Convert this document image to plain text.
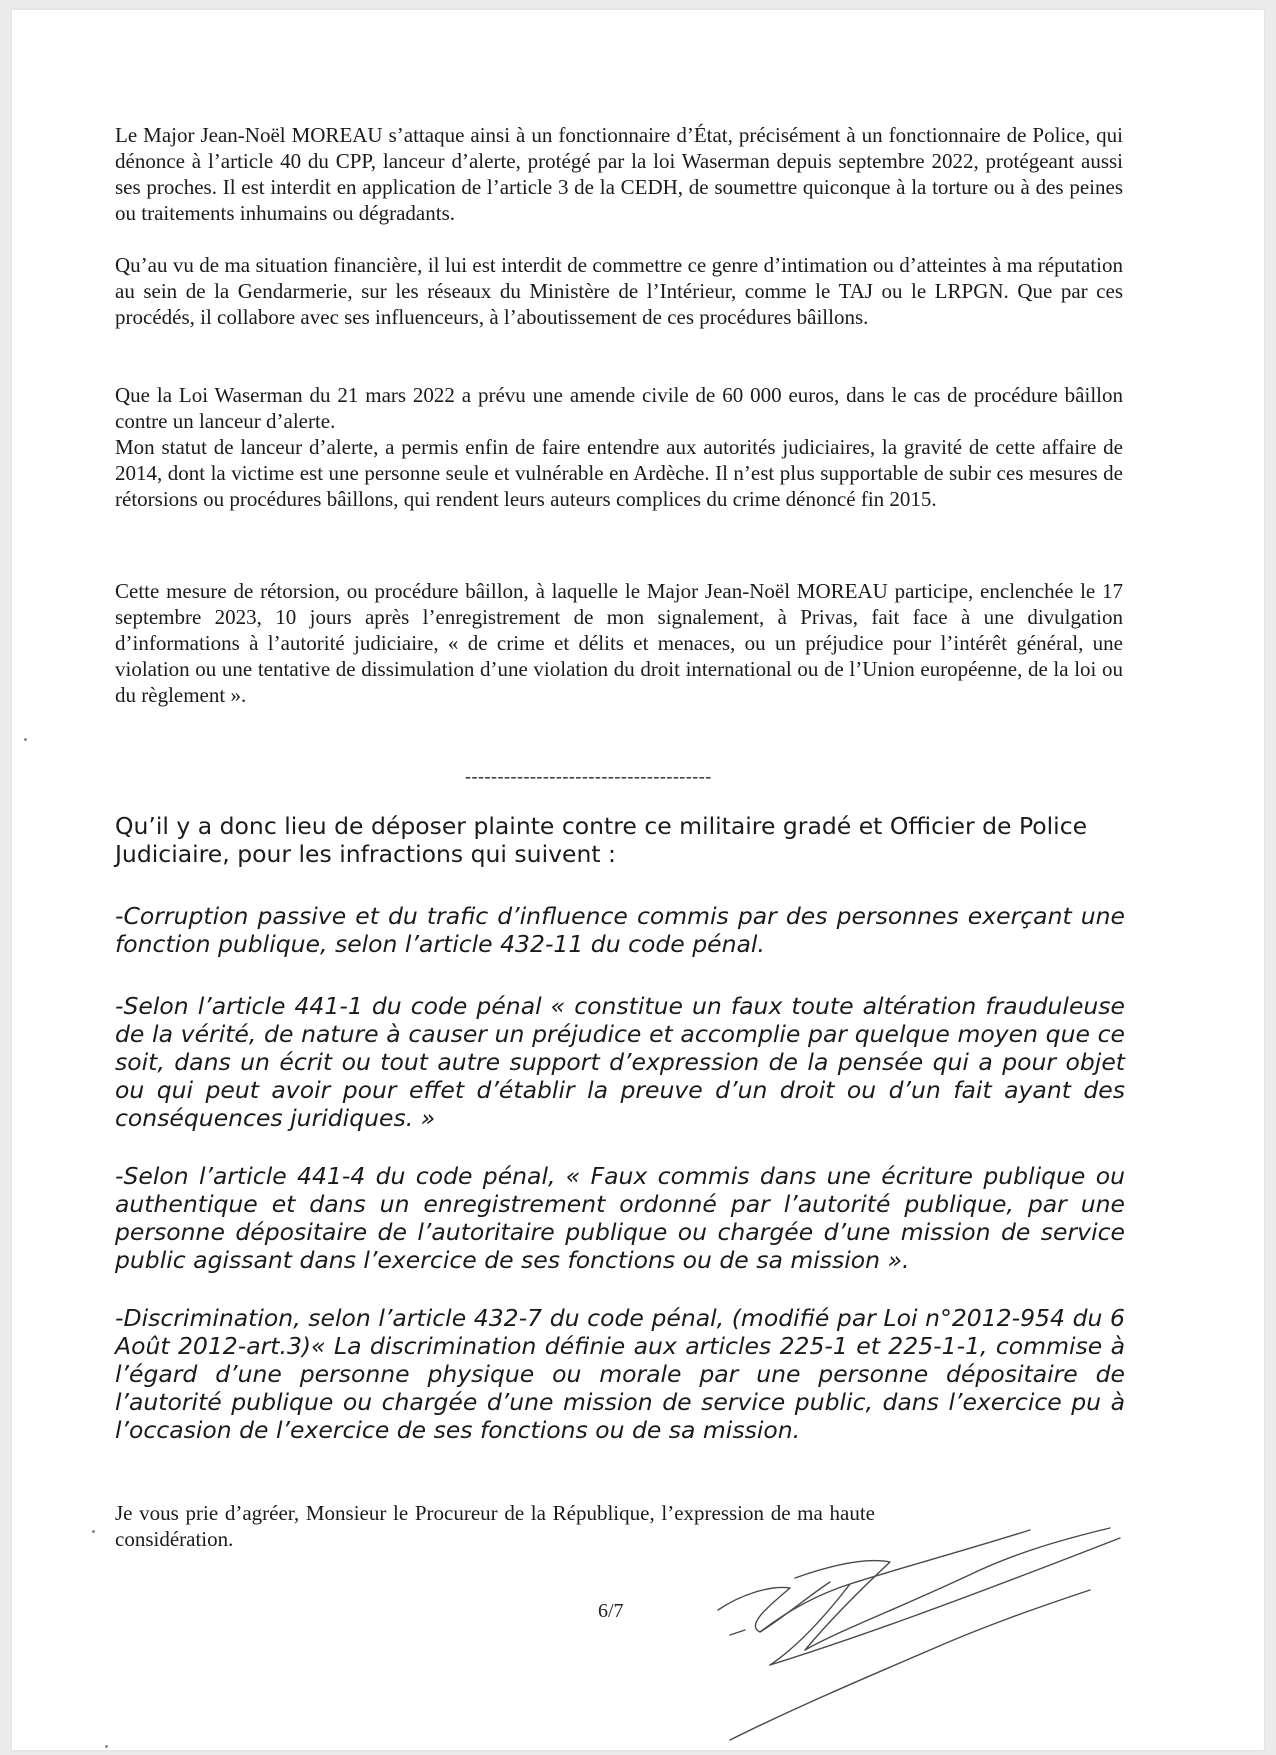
Le Major Jean-Noël MOREAU s’attaque ainsi à un fonctionnaire d’État, précisément à un fonctionnaire de Police, qui dénonce à l’article 40 du CPP, lanceur d’alerte, protégé par la loi Waserman depuis septembre 2022, protégeant aussi ses proches. Il est interdit en application de l’article 3 de la CEDH, de soumettre quiconque à la torture ou à des peines ou traitements inhumains ou dégradants.

Qu’au vu de ma situation financière, il lui est interdit de commettre ce genre d’intimation ou d’atteintes à ma réputation au sein de la Gendarmerie, sur les réseaux du Ministère de l’Intérieur, comme le TAJ ou le LRPGN. Que par ces procédés, il collabore avec ses influenceurs, à l’aboutissement de ces procédures bâillons.

Que la Loi Waserman du 21 mars 2022 a prévu une amende civile de 60 000 euros, dans le cas de procédure bâillon contre un lanceur d’alerte.

Mon statut de lanceur d’alerte, a permis enfin de faire entendre aux autorités judiciaires, la gravité de cette affaire de 2014, dont la victime est une personne seule et vulnérable en Ardèche. Il n’est plus supportable de subir ces mesures de rétorsions ou procédures bâillons, qui rendent leurs auteurs complices du crime dénoncé fin 2015.

Cette mesure de rétorsion, ou procédure bâillon, à laquelle le Major Jean-Noël MOREAU participe, enclenchée le 17 septembre 2023, 10 jours après l’enregistrement de mon signalement, à Privas, fait face à une divulgation d’informations à l’autorité judiciaire, « de crime et délits et menaces, ou un préjudice pour l’intérêt général, une violation ou une tentative de dissimulation d’une violation du droit international ou de l’Union européenne, de la loi ou du règlement ».

--------------------------------------

Qu’il y a donc lieu de déposer plainte contre ce militaire gradé et Officier de Police Judiciaire, pour les infractions qui suivent :

-Corruption passive et du trafic d’influence commis par des personnes exerçant une fonction publique, selon l’article 432-11 du code pénal.

-Selon l’article 441-1 du code pénal « constitue un faux toute altération frauduleuse de la vérité, de nature à causer un préjudice et accomplie par quelque moyen que ce soit, dans un écrit ou tout autre support d’expression de la pensée qui a pour objet ou qui peut avoir pour effet d’établir la preuve d’un droit ou d’un fait ayant des conséquences juridiques. »

-Selon l’article 441-4 du code pénal, « Faux commis dans une écriture publique ou authentique et dans un enregistrement ordonné par l’autorité publique, par une personne dépositaire de l’autoritaire publique ou chargée d’une mission de service public agissant dans l’exercice de ses fonctions ou de sa mission ».

-Discrimination, selon l’article 432-7 du code pénal, (modifié par Loi n°2012-954 du 6 Août 2012-art.3)« La discrimination définie aux articles 225-1 et 225-1-1, commise à l’égard d’une personne physique ou morale par une personne dépositaire de l’autorité publique ou chargée d’une mission de service public, dans l’exercice pu à l’occasion de l’exercice de ses fonctions ou de sa mission.

Je vous prie d’agréer, Monsieur le Procureur de la République, l’expression de ma haute considération.

6/7
